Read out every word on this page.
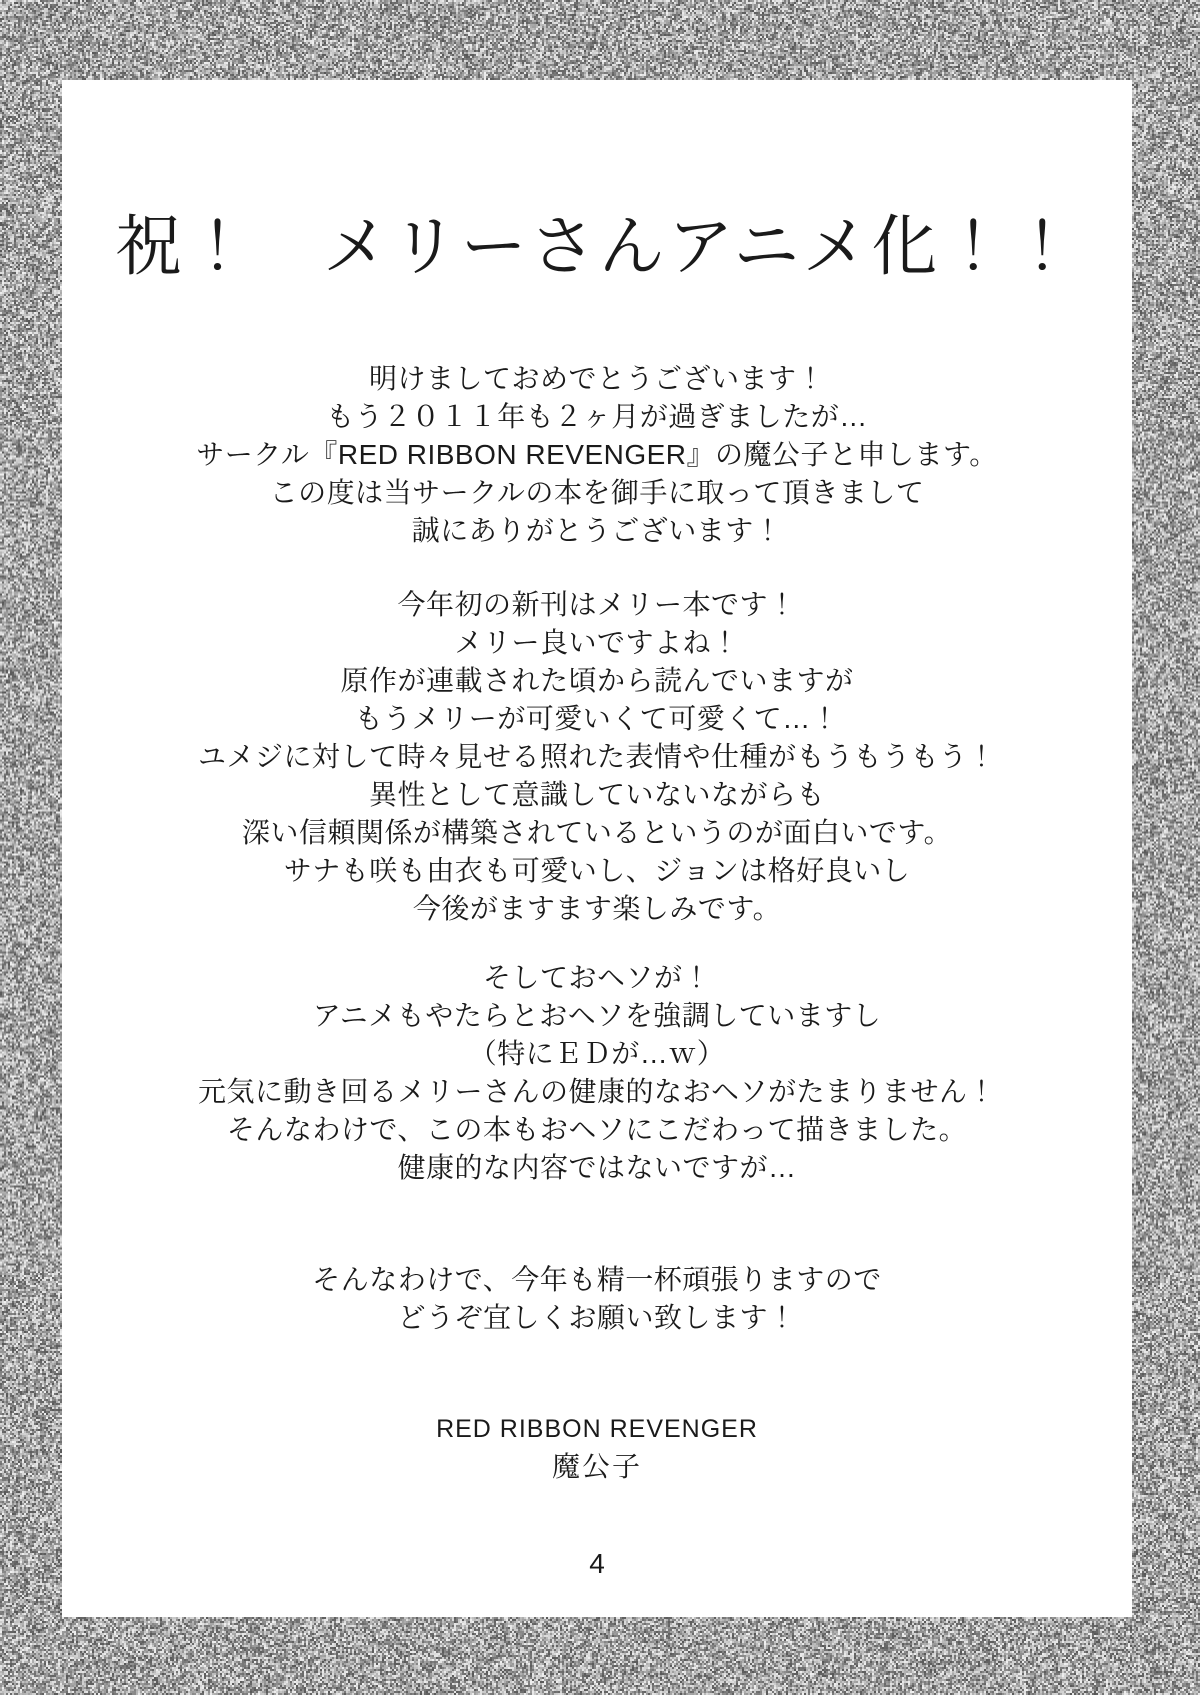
祝！　メリーさんアニメ化！！
明けましておめでとうございます！
もう２０１１年も２ヶ月が過ぎましたが…
サークル『RED RIBBON REVENGER』の魔公子と申します。
この度は当サークルの本を御手に取って頂きまして
誠にありがとうございます！
今年初の新刊はメリー本です！
メリー良いですよね！
原作が連載された頃から読んでいますが
もうメリーが可愛いくて可愛くて…！
ユメジに対して時々見せる照れた表情や仕種がもうもうもう！
異性として意識していないながらも
深い信頼関係が構築されているというのが面白いです。
サナも咲も由衣も可愛いし、ジョンは格好良いし
今後がますます楽しみです。
そしておヘソが！
アニメもやたらとおヘソを強調していますし
（特にＥＤが…ｗ）
元気に動き回るメリーさんの健康的なおヘソがたまりません！
そんなわけで、この本もおヘソにこだわって描きました。
健康的な内容ではないですが…
そんなわけで、今年も精一杯頑張りますので
どうぞ宜しくお願い致します！
RED RIBBON REVENGER
魔公子
4
